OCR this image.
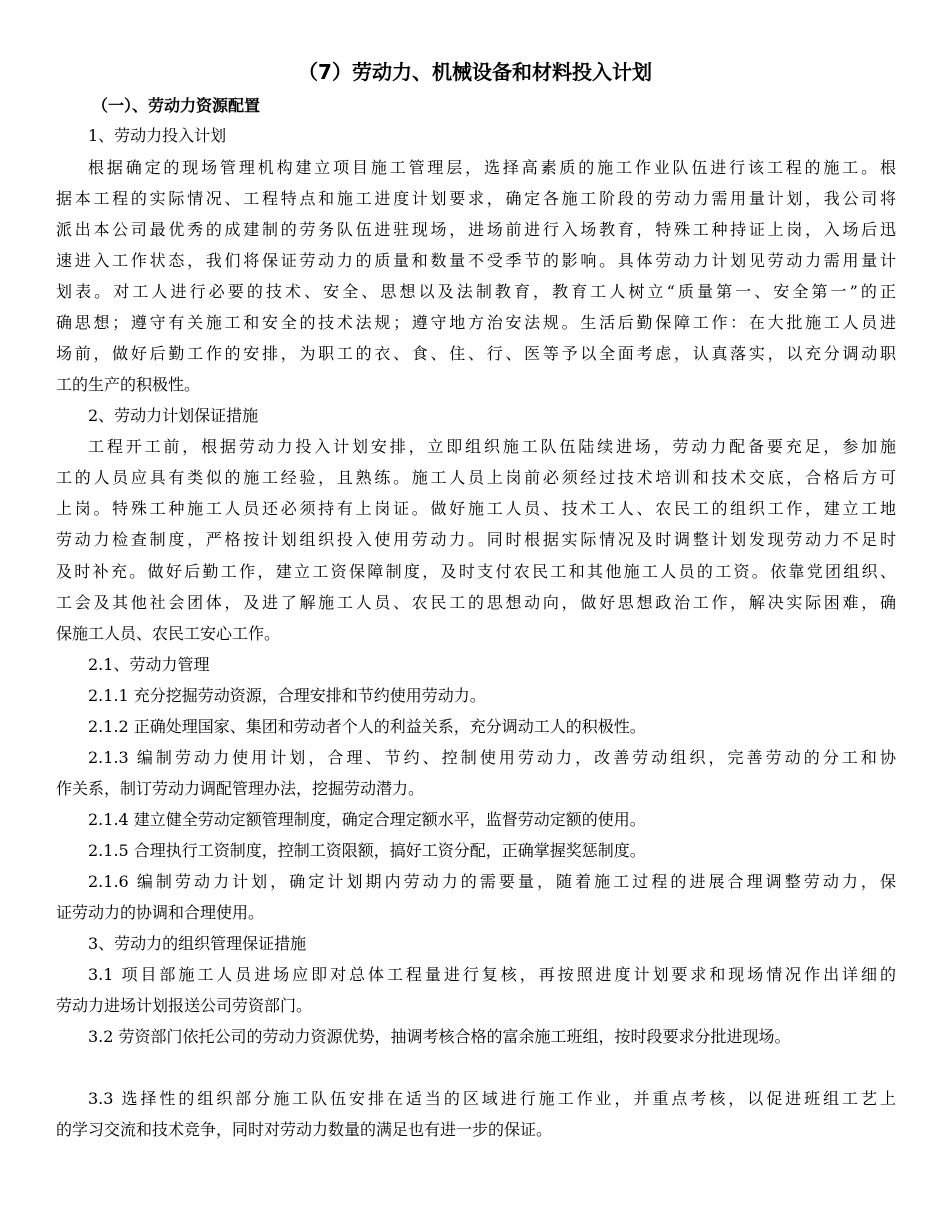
（7）劳动力、机械设备和材料投入计划
（一）、劳动力资源配置
1、劳动力投入计划
根据确定的现场管理机构建立项目施工管理层，选择高素质的施工作业队伍进行该工程的施工。根
据本工程的实际情况、工程特点和施工进度计划要求，确定各施工阶段的劳动力需用量计划，我公司将
派出本公司最优秀的成建制的劳务队伍进驻现场，进场前进行入场教育，特殊工种持证上岗，入场后迅
速进入工作状态，我们将保证劳动力的质量和数量不受季节的影响。具体劳动力计划见劳动力需用量计
划表。对工人进行必要的技术、安全、思想以及法制教育，教育工人树立“质量第一、安全第一”的正
确思想；遵守有关施工和安全的技术法规；遵守地方治安法规。生活后勤保障工作：在大批施工人员进
场前，做好后勤工作的安排，为职工的衣、食、住、行、医等予以全面考虑，认真落实，以充分调动职
工的生产的积极性。
2、劳动力计划保证措施
工程开工前，根据劳动力投入计划安排，立即组织施工队伍陆续进场，劳动力配备要充足，参加施
工的人员应具有类似的施工经验，且熟练。施工人员上岗前必须经过技术培训和技术交底，合格后方可
上岗。特殊工种施工人员还必须持有上岗证。做好施工人员、技术工人、农民工的组织工作，建立工地
劳动力检查制度，严格按计划组织投入使用劳动力。同时根据实际情况及时调整计划发现劳动力不足时
及时补充。做好后勤工作，建立工资保障制度，及时支付农民工和其他施工人员的工资。依靠党团组织、
工会及其他社会团体，及进了解施工人员、农民工的思想动向，做好思想政治工作，解决实际困难，确
保施工人员、农民工安心工作。
2.1、劳动力管理
2.1.1 充分挖掘劳动资源，合理安排和节约使用劳动力。
2.1.2 正确处理国家、集团和劳动者个人的利益关系，充分调动工人的积极性。
2.1.3 编制劳动力使用计划，合理、节约、控制使用劳动力，改善劳动组织，完善劳动的分工和协
作关系，制订劳动力调配管理办法，挖掘劳动潜力。
2.1.4 建立健全劳动定额管理制度，确定合理定额水平，监督劳动定额的使用。
2.1.5 合理执行工资制度，控制工资限额，搞好工资分配，正确掌握奖惩制度。
2.1.6 编制劳动力计划，确定计划期内劳动力的需要量，随着施工过程的进展合理调整劳动力，保
证劳动力的协调和合理使用。
3、劳动力的组织管理保证措施
3.1 项目部施工人员进场应即对总体工程量进行复核，再按照进度计划要求和现场情况作出详细的
劳动力进场计划报送公司劳资部门。
3.2 劳资部门依托公司的劳动力资源优势，抽调考核合格的富余施工班组，按时段要求分批进现场。
3.3 选择性的组织部分施工队伍安排在适当的区域进行施工作业，并重点考核，以促进班组工艺上
的学习交流和技术竞争，同时对劳动力数量的满足也有进一步的保证。
